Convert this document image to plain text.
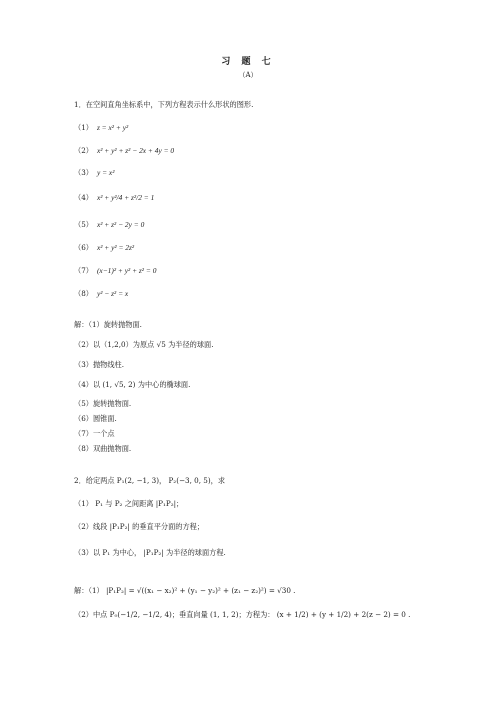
习 题 七
（A）
1．在空间直角坐标系中，下列方程表示什么形状的图形.
（1） z = x² + y²
（2） x² + y² + z² − 2x + 4y = 0
（3） y = x²
（4） x² + y²/4 + z²/2 = 1
（5） x² + z² − 2y = 0
（6） x² + y² = 2z²
（7） (x−1)² + y² + z² = 0
（8） y² − z² = x
解：（1）旋转抛物面.
（2）以（1,2,0）为原点 √5 为半径的球面.
（3）抛物线柱.
（4）以 (1, √5, 2) 为中心的椭球面.
（5）旋转抛物面.
（6）圆锥面.
（7）一个点
（8）双曲抛物面.
2．给定两点 P₁(2, −1, 3)， P₂(−3, 0, 5)，求
（1） P₁ 与 P₂ 之间距离 |P₁P₂|；
（2）线段 |P₁P₂| 的垂直平分面的方程；
（3）以 P₁ 为中心， |P₁P₂| 为半径的球面方程.
解：（1） |P₁P₂| = √((x₁ − x₂)² + (y₁ − y₂)² + (z₁ − z₂)²) = √30 .
（2）中点 P₀(−1/2, −1/2, 4)；垂直向量 (1, 1, 2)；方程为： (x + 1/2) + (y + 1/2) + 2(z − 2) = 0 .
